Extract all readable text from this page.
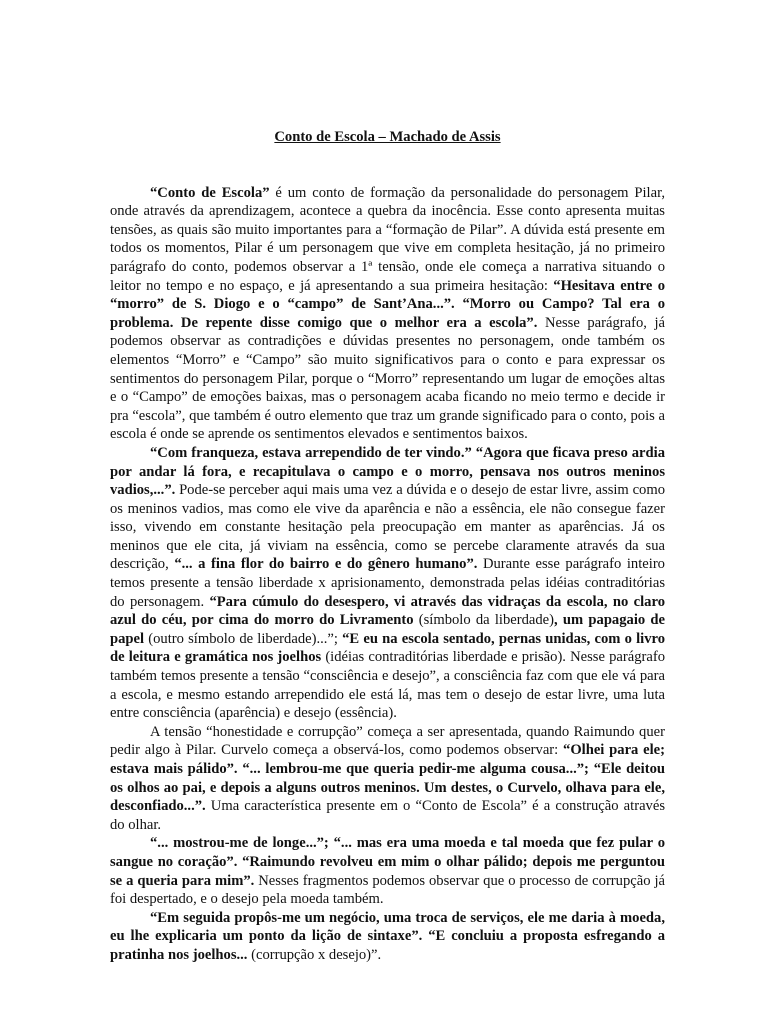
Conto de Escola – Machado de Assis

“Conto de Escola” é um conto de formação da personalidade do personagem Pilar, onde através da aprendizagem, acontece a quebra da inocência. Esse conto apresenta muitas tensões, as quais são muito importantes para a “formação de Pilar”. A dúvida está presente em todos os momentos, Pilar é um personagem que vive em completa hesitação, já no primeiro parágrafo do conto, podemos observar a 1ª tensão, onde ele começa a narrativa situando o leitor no tempo e no espaço, e já apresentando a sua primeira hesitação: “Hesitava entre o “morro” de S. Diogo e o “campo” de Sant’Ana...”. “Morro ou Campo? Tal era o problema. De repente disse comigo que o melhor era a escola”. Nesse parágrafo, já podemos observar as contradições e dúvidas presentes no personagem, onde também os elementos “Morro” e “Campo” são muito significativos para o conto e para expressar os sentimentos do personagem Pilar, porque o “Morro” representando um lugar de emoções altas e o “Campo” de emoções baixas, mas o personagem acaba ficando no meio termo e decide ir pra “escola”, que também é outro elemento que traz um grande significado para o conto, pois a escola é onde se aprende os sentimentos elevados e sentimentos baixos.

“Com franqueza, estava arrependido de ter vindo.” “Agora que ficava preso ardia por andar lá fora, e recapitulava o campo e o morro, pensava nos outros meninos vadios,...”. Pode-se perceber aqui mais uma vez a dúvida e o desejo de estar livre, assim como os meninos vadios, mas como ele vive da aparência e não a essência, ele não consegue fazer isso, vivendo em constante hesitação pela preocupação em manter as aparências. Já os meninos que ele cita, já viviam na essência, como se percebe claramente através da sua descrição, “... a fina flor do bairro e do gênero humano”. Durante esse parágrafo inteiro temos presente a tensão liberdade x aprisionamento, demonstrada pelas idéias contraditórias do personagem. “Para cúmulo do desespero, vi através das vidraças da escola, no claro azul do céu, por cima do morro do Livramento (símbolo da liberdade), um papagaio de papel (outro símbolo de liberdade)...”; “E eu na escola sentado, pernas unidas, com o livro de leitura e gramática nos joelhos (idéias contraditórias liberdade e prisão). Nesse parágrafo também temos presente a tensão “consciência e desejo”, a consciência faz com que ele vá para a escola, e mesmo estando arrependido ele está lá, mas tem o desejo de estar livre, uma luta entre consciência (aparência) e desejo (essência).

A tensão “honestidade e corrupção” começa a ser apresentada, quando Raimundo quer pedir algo à Pilar. Curvelo começa a observá-los, como podemos observar: “Olhei para ele; estava mais pálido”. “... lembrou-me que queria pedir-me alguma cousa...”; “Ele deitou os olhos ao pai, e depois a alguns outros meninos. Um destes, o Curvelo, olhava para ele, desconfiado...”. Uma característica presente em o “Conto de Escola” é a construção através do olhar.

“... mostrou-me de longe...”; “... mas era uma moeda e tal moeda que fez pular o sangue no coração”. “Raimundo revolveu em mim o olhar pálido; depois me perguntou se a queria para mim”. Nesses fragmentos podemos observar que o processo de corrupção já foi despertado, e o desejo pela moeda também.

“Em seguida propôs-me um negócio, uma troca de serviços, ele me daria à moeda, eu lhe explicaria um ponto da lição de sintaxe”. “E concluiu a proposta esfregando a pratinha nos joelhos... (corrupção x desejo)”.
